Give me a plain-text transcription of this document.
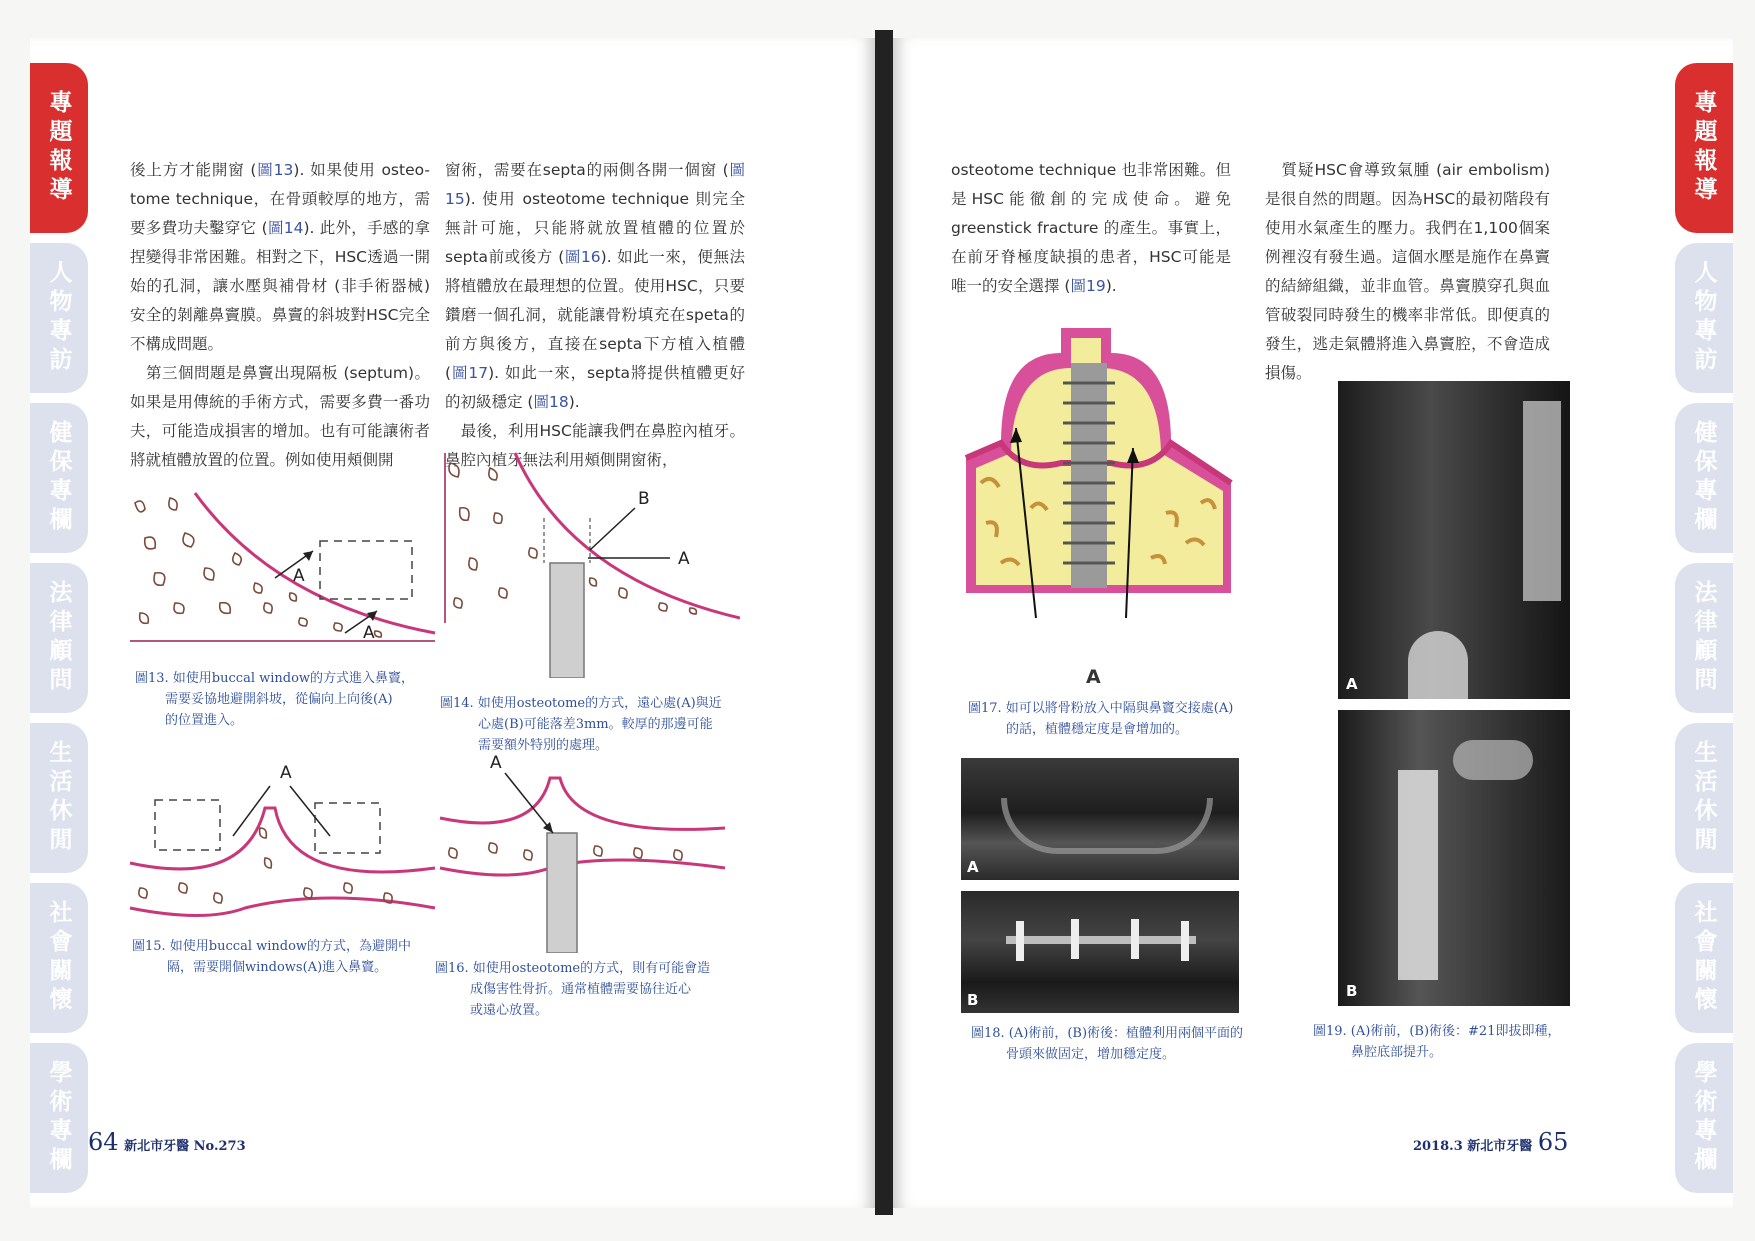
專題報導
人物專訪
健保專欄
法律顧問
生活休閒
社會關懷
學術專欄

後上方才能開窗 (圖13). 如果使用 osteo-tome technique，在骨頭較厚的地方，需要多費功夫鑿穿它 (圖14). 此外，手感的拿捏變得非常困難。相對之下，HSC透過一開始的孔洞，讓水壓與補骨材 (非手術器械) 安全的剝離鼻竇膜。鼻竇的斜坡對HSC完全不構成問題。

　第三個問題是鼻竇出現隔板 (septum)。如果是用傳統的手術方式，需要多費一番功夫，可能造成損害的增加。也有可能讓術者將就植體放置的位置。例如使用頰側開

窗術，需要在septa的兩側各開一個窗 (圖15). 使用 osteotome technique 則完全無計可施，只能將就放置植體的位置於septa前或後方 (圖16). 如此一來，便無法將植體放在最理想的位置。使用HSC，只要鑽磨一個孔洞，就能讓骨粉填充在speta的前方與後方，直接在septa下方植入植體 (圖17). 如此一來，septa將提供植體更好的初級穩定 (圖18).

　最後，利用HSC能讓我們在鼻腔內植牙。鼻腔內植牙無法利用頰側開窗術，

A
A
圖13. 如使用buccal window的方式進入鼻竇，
需要妥協地避開斜坡，從偏向上向後(A)
的位置進入。
B
A
圖14. 如使用osteotome的方式，遠心處(A)與近
心處(B)可能落差3mm。較厚的那邊可能
需要額外特別的處理。
A
圖15. 如使用buccal window的方式，為避開中
隔，需要開個windows(A)進入鼻竇。
A
圖16. 如使用osteotome的方式，則有可能會造
成傷害性骨折。通常植體需要協往近心
或遠心放置。
64 新北市牙醫 No.273
專題報導
人物專訪
健保專欄
法律顧問
生活休閒
社會關懷
學術專欄

osteotome technique 也非常困難。但是HSC能徹創的完成使命。避免 greenstick fracture 的產生。事實上，在前牙脊極度缺損的患者，HSC可能是唯一的安全選擇 (圖19).

　質疑HSC會導致氣腫 (air embolism) 是很自然的問題。因為HSC的最初階段有使用水氣產生的壓力。我們在1,100個案例裡沒有發生過。這個水壓是施作在鼻竇的結締組織，並非血管。鼻竇膜穿孔與血管破裂同時發生的機率非常低。即便真的發生，逃走氣體將進入鼻竇腔，不會造成損傷。

A
圖17. 如可以將骨粉放入中隔與鼻竇交接處(A)
的話，植體穩定度是會增加的。
A
B
圖18. (A)術前，(B)術後：植體利用兩個平面的
骨頭來做固定，增加穩定度。
A
B
圖19. (A)術前，(B)術後：#21即拔即種，
鼻腔底部提升。
2018.3 新北市牙醫 65
